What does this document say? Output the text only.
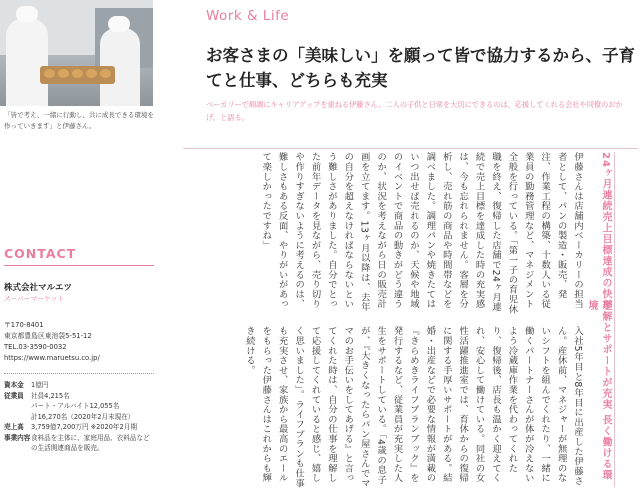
「皆で考え、一緒に行動し、共に成長できる環境を作っていきます」と伊藤さん。
CONTACT
株式会社マルエツ
スーパーマーケット
〒170-8401
東京都豊島区東池袋5-51-12
TEL.03-3590-0032
https://www.maruetsu.co.jp/
資本金	1億円
従業員	社員4,215名
パート・アルバイト12,055名
計16,270名（2020年2月末現在）
売上高	3,759億7,200万円 ※2020年2月期
事業内容 食料品を主体に、家庭用品、衣料品などの生活関連商品を販売。
Work & Life
お客さまの「美味しい」を願って皆で協力するから、子育てと仕事、どちらも充実
ベーカリーで順調にキャリアアップを重ねる伊藤さん。二人の子供と日常を大切にできるのは、応援してくれる会社や同僚のおかげ、と語る。
24ヶ月連続売上目標達成の快挙
理解とサポートが充実 長く働ける環境

伊藤さんは店舗内ベーカリーの担当者として、パンの製造・販売、発注、作業工程の構築、十数人いる従業員の勤務管理など、マネジメント全般を行っている。「第一子の育児休職を終え、復帰した店舗で24ヶ月連続で売上目標を達成した時の充実感は、今も忘れられません。客層を分析し、売れ筋の商品や時間帯などを調べました。調理パンや焼きたてはいつ出せば売れるのか、天候や地域のイベントで商品の動きがどう違うのか、状況を考えながら日の販売計画を立てます。13ヶ月以降は、去年の自分を超えなければならないという難しさがありました。自分でとった前年データを見ながら、売り切りや作りすぎないように考えるのは、難しさもある反面、やりがいがあって楽しかったですね」

入社5年目と8年目に出産した伊藤さん。産休前、マネジャーが無理のないシフトを組んでくれたり、一緒に働くパートナーさんが体が冷えないよう冷蔵庫作業を代わってくれたり、復帰後、店長も温かく迎えてくれ、安心して働けている。同社の女性活躍推進室では、育休からの復帰に関する手厚いサポートがある。結婚・出産などで必要な情報が満載の『きらめきライフプランブック』を発行するなど、従業員が充実した人生をサポートしている。「4歳の息子が、『大きくなったらパン屋さんでママのお手伝いをしてあげる』と言ってくれた時は、自分の仕事を理解して応援してくれていると感じ、嬉しく思いました」。ライフプランも仕事も充実させ、家族から最高のエールをもらった伊藤さんはこれからも輝き続ける。
